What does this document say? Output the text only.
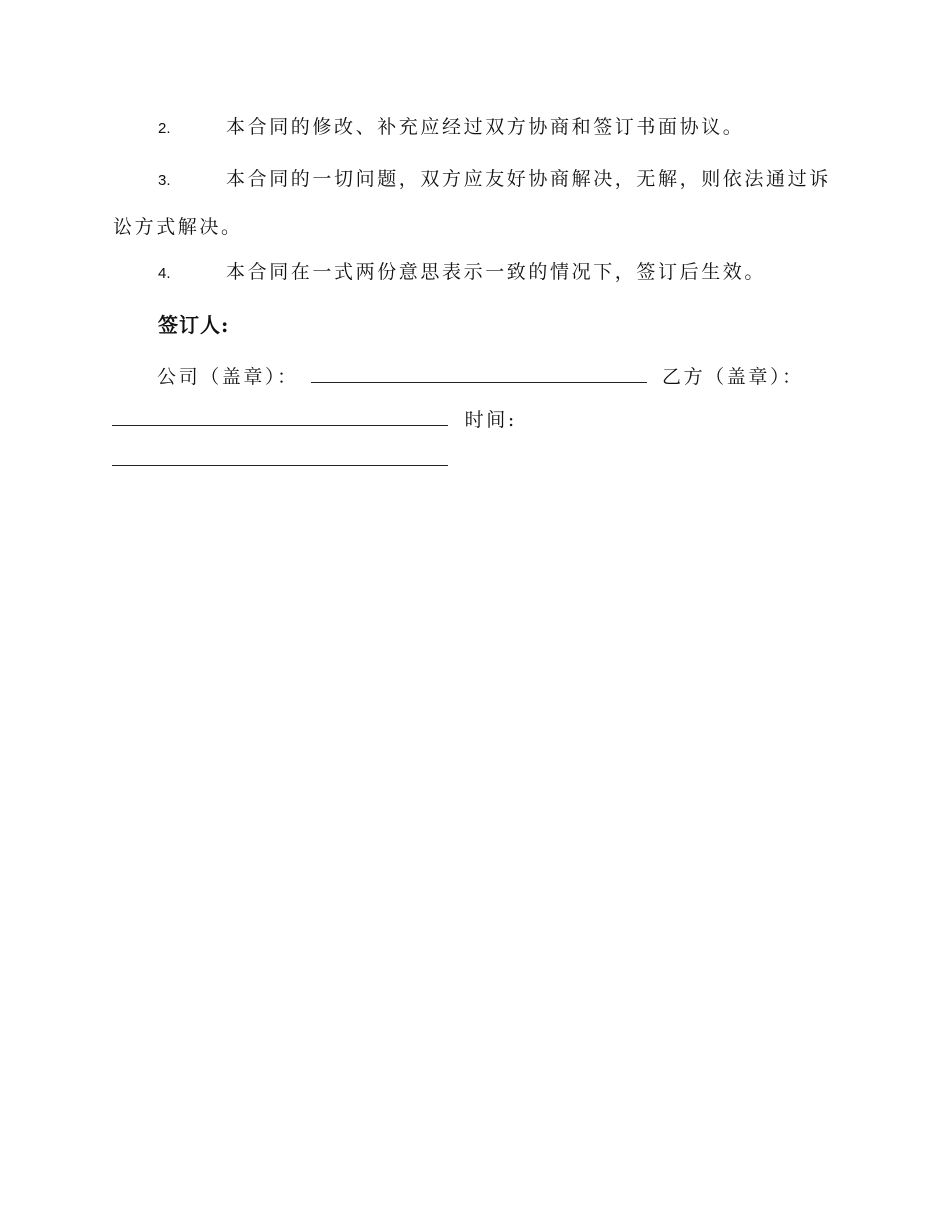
2.	本合同的修改、补充应经过双方协商和签订书面协议。
3.	本合同的一切问题，双方应友好协商解决，无解，则依法通过诉讼方式解决。
4.	本合同在一式两份意思表示一致的情况下，签订后生效。
签订人:
公司（盖章）：	乙方（盖章）：
时间:
